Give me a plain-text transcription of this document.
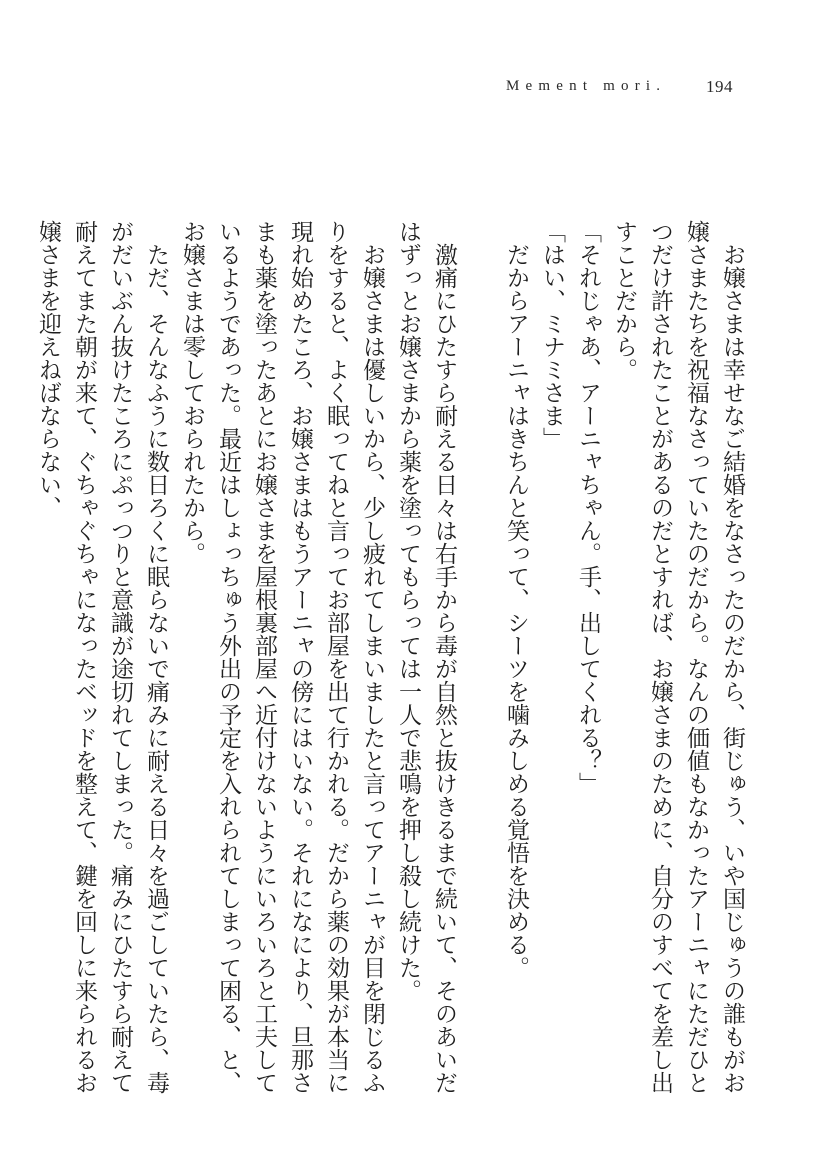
Mement mori. 194

お嬢さまは幸せなご結婚をなさったのだから、街じゅう、いや国じゅうの誰もがお嬢さまたちを祝福なさっていたのだから。なんの価値もなかったアーニャにただひとつだけ許されたことがあるのだとすれば、お嬢さまのために、自分のすべてを差し出すことだから。

「それじゃあ、アーニャちゃん。手、出してくれる？」

「はい、ミナミさま」

だからアーニャはきちんと笑って、シーツを噛みしめる覚悟を決める。

激痛にひたすら耐える日々は右手から毒が自然と抜けきるまで続いて、そのあいだはずっとお嬢さまから薬を塗ってもらっては一人で悲鳴を押し殺し続けた。

お嬢さまは優しいから、少し疲れてしまいましたと言ってアーニャが目を閉じるふりをすると、よく眠ってねと言ってお部屋を出て行かれる。だから薬の効果が本当に現れ始めたころ、お嬢さまはもうアーニャの傍にはいない。それになにより、旦那さまも薬を塗ったあとにお嬢さまを屋根裏部屋へ近付けないようにいろいろと工夫しているようであった。最近はしょっちゅう外出の予定を入れられてしまって困る、と、お嬢さまは零しておられたから。

ただ、そんなふうに数日ろくに眠らないで痛みに耐える日々を過ごしていたら、毒がだいぶん抜けたころにぷっつりと意識が途切れてしまった。痛みにひたすら耐えて耐えてまた朝が来て、ぐちゃぐちゃになったベッドを整えて、鍵を回しに来られるお嬢さまを迎えねばならない、
